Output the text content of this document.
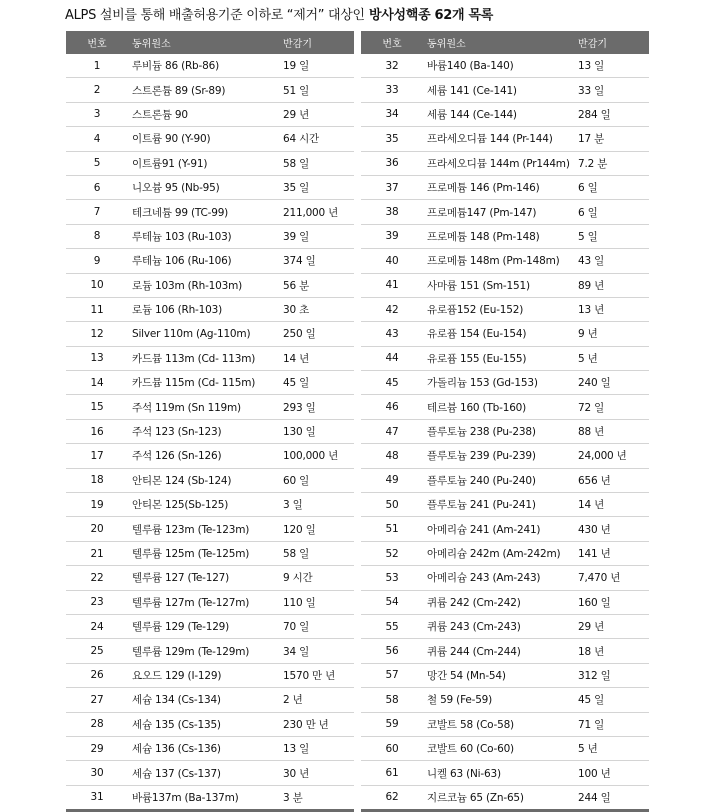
ALPS 설비를 통해 배출허용기준 이하로 “제거” 대상인 방사성핵종 62개 목록
번호	동위원소	반감기
1	루비듐 86 (Rb-86)	19 일
2	스트론튬 89 (Sr-89)	51 일
3	스트론튬 90	29 년
4	이트륨 90 (Y-90)	64 시간
5	이트륨91 (Y-91)	58 일
6	니오븀 95 (Nb-95)	35 일
7	테크네튬 99 (TC-99)	211,000 년
8	루테늄 103 (Ru-103)	39 일
9	루테늄 106 (Ru-106)	374 일
10	로듐 103m (Rh-103m)	56 분
11	로듐 106 (Rh-103)	30 초
12	Silver 110m (Ag-110m)	250 일
13	카드뮴 113m (Cd- 113m)	14 년
14	카드뮴 115m (Cd- 115m)	45 일
15	주석 119m (Sn 119m)	293 일
16	주석 123 (Sn-123)	130 일
17	주석 126 (Sn-126)	100,000 년
18	안티몬 124 (Sb-124)	60 일
19	안티몬 125(Sb-125)	3 일
20	텔루륨 123m (Te-123m)	120 일
21	텔루륨 125m (Te-125m)	58 일
22	텔루륨 127 (Te-127)	9 시간
23	텔루륨 127m (Te-127m)	110 일
24	텔루륨 129 (Te-129)	70 일
25	텔루륨 129m (Te-129m)	34 일
26	요오드 129 (I-129)	1570 만 년
27	세슘 134 (Cs-134)	2 년
28	세슘 135 (Cs-135)	230 만 년
29	세슘 136 (Cs-136)	13 일
30	세슘 137 (Cs-137)	30 년
31	바륨137m (Ba-137m)	3 분
번호	동위원소	반감기
32	바륨140 (Ba-140)	13 일
33	세륨 141 (Ce-141)	33 일
34	세륨 144 (Ce-144)	284 일
35	프라세오디뮴 144 (Pr-144)	17 분
36	프라세오디뮴 144m (Pr144m)	7.2 분
37	프로메튬 146 (Pm-146)	6 일
38	프로메튬147 (Pm-147)	6 일
39	프로메튬 148 (Pm-148)	5 일
40	프로메튬 148m (Pm-148m)	43 일
41	사마륨 151 (Sm-151)	89 년
42	유로퓸152 (Eu-152)	13 년
43	유로퓸 154 (Eu-154)	9 년
44	유로퓸 155 (Eu-155)	5 년
45	가돌리늄 153 (Gd-153)	240 일
46	테르븀 160 (Tb-160)	72 일
47	플루토늄 238 (Pu-238)	88 년
48	플루토늄 239 (Pu-239)	24,000 년
49	플루토늄 240 (Pu-240)	656 년
50	플루토늄 241 (Pu-241)	14 년
51	아메리슘 241 (Am-241)	430 년
52	아메리슘 242m (Am-242m)	141 년
53	아메리슘 243 (Am-243)	7,470 년
54	퀴륨 242 (Cm-242)	160 일
55	퀴륨 243 (Cm-243)	29 년
56	퀴륨 244 (Cm-244)	18 년
57	망간 54 (Mn-54)	312 일
58	철 59 (Fe-59)	45 일
59	코발트 58 (Co-58)	71 일
60	코발트 60 (Co-60)	5 년
61	니켈 63 (Ni-63)	100 년
62	지르코늄 65 (Zn-65)	244 일
